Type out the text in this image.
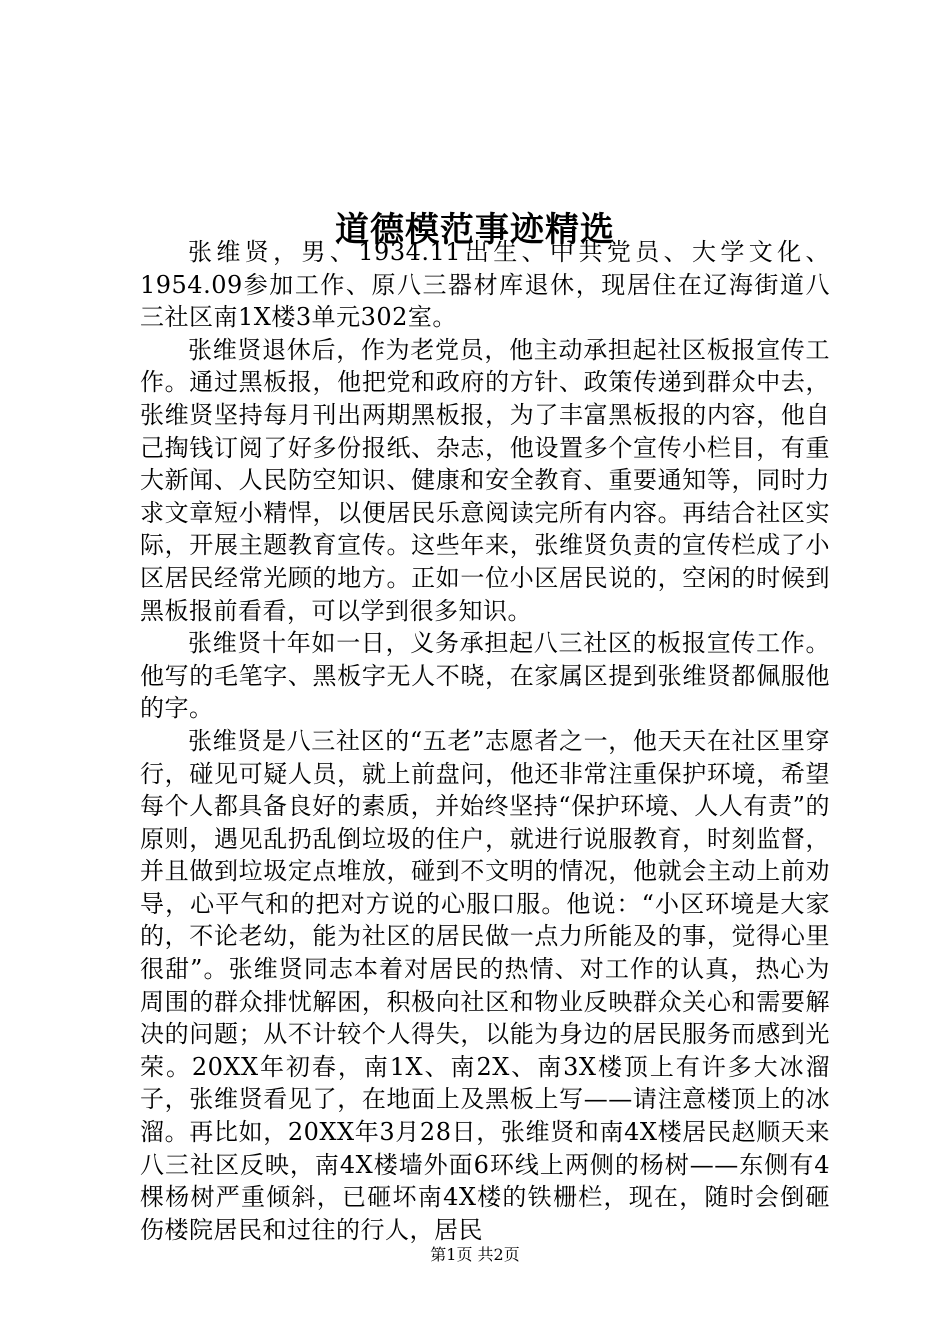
道德模范事迹精选

张维贤，男、1934.11出生、中共党员、大学文化、1954.09参加工作、原八三器材库退休，现居住在辽海街道八三社区南1X楼3单元302室。

张维贤退休后，作为老党员，他主动承担起社区板报宣传工作。通过黑板报，他把党和政府的方针、政策传递到群众中去，张维贤坚持每月刊出两期黑板报，为了丰富黑板报的内容，他自己掏钱订阅了好多份报纸、杂志，他设置多个宣传小栏目，有重大新闻、人民防空知识、健康和安全教育、重要通知等，同时力求文章短小精悍，以便居民乐意阅读完所有内容。再结合社区实际，开展主题教育宣传。这些年来，张维贤负责的宣传栏成了小区居民经常光顾的地方。正如一位小区居民说的，空闲的时候到黑板报前看看，可以学到很多知识。

张维贤十年如一日，义务承担起八三社区的板报宣传工作。他写的毛笔字、黑板字无人不晓，在家属区提到张维贤都佩服他的字。

张维贤是八三社区的“五老”志愿者之一，他天天在社区里穿行，碰见可疑人员，就上前盘问，他还非常注重保护环境，希望每个人都具备良好的素质，并始终坚持“保护环境、人人有责”的原则，遇见乱扔乱倒垃圾的住户，就进行说服教育，时刻监督，并且做到垃圾定点堆放，碰到不文明的情况，他就会主动上前劝导，心平气和的把对方说的心服口服。他说：“小区环境是大家的，不论老幼，能为社区的居民做一点力所能及的事，觉得心里很甜”。张维贤同志本着对居民的热情、对工作的认真，热心为周围的群众排忧解困，积极向社区和物业反映群众关心和需要解决的问题；从不计较个人得失，以能为身边的居民服务而感到光荣。20XX年初春，南1X、南2X、南3X楼顶上有许多大冰溜子，张维贤看见了，在地面上及黑板上写——请注意楼顶上的冰溜。再比如，20XX年3月28日，张维贤和南4X楼居民赵顺天来八三社区反映，南4X楼墙外面6环线上两侧的杨树——东侧有4棵杨树严重倾斜，已砸坏南4X楼的铁栅栏，现在，随时会倒砸伤楼院居民和过往的行人，居民

第1页 共2页
